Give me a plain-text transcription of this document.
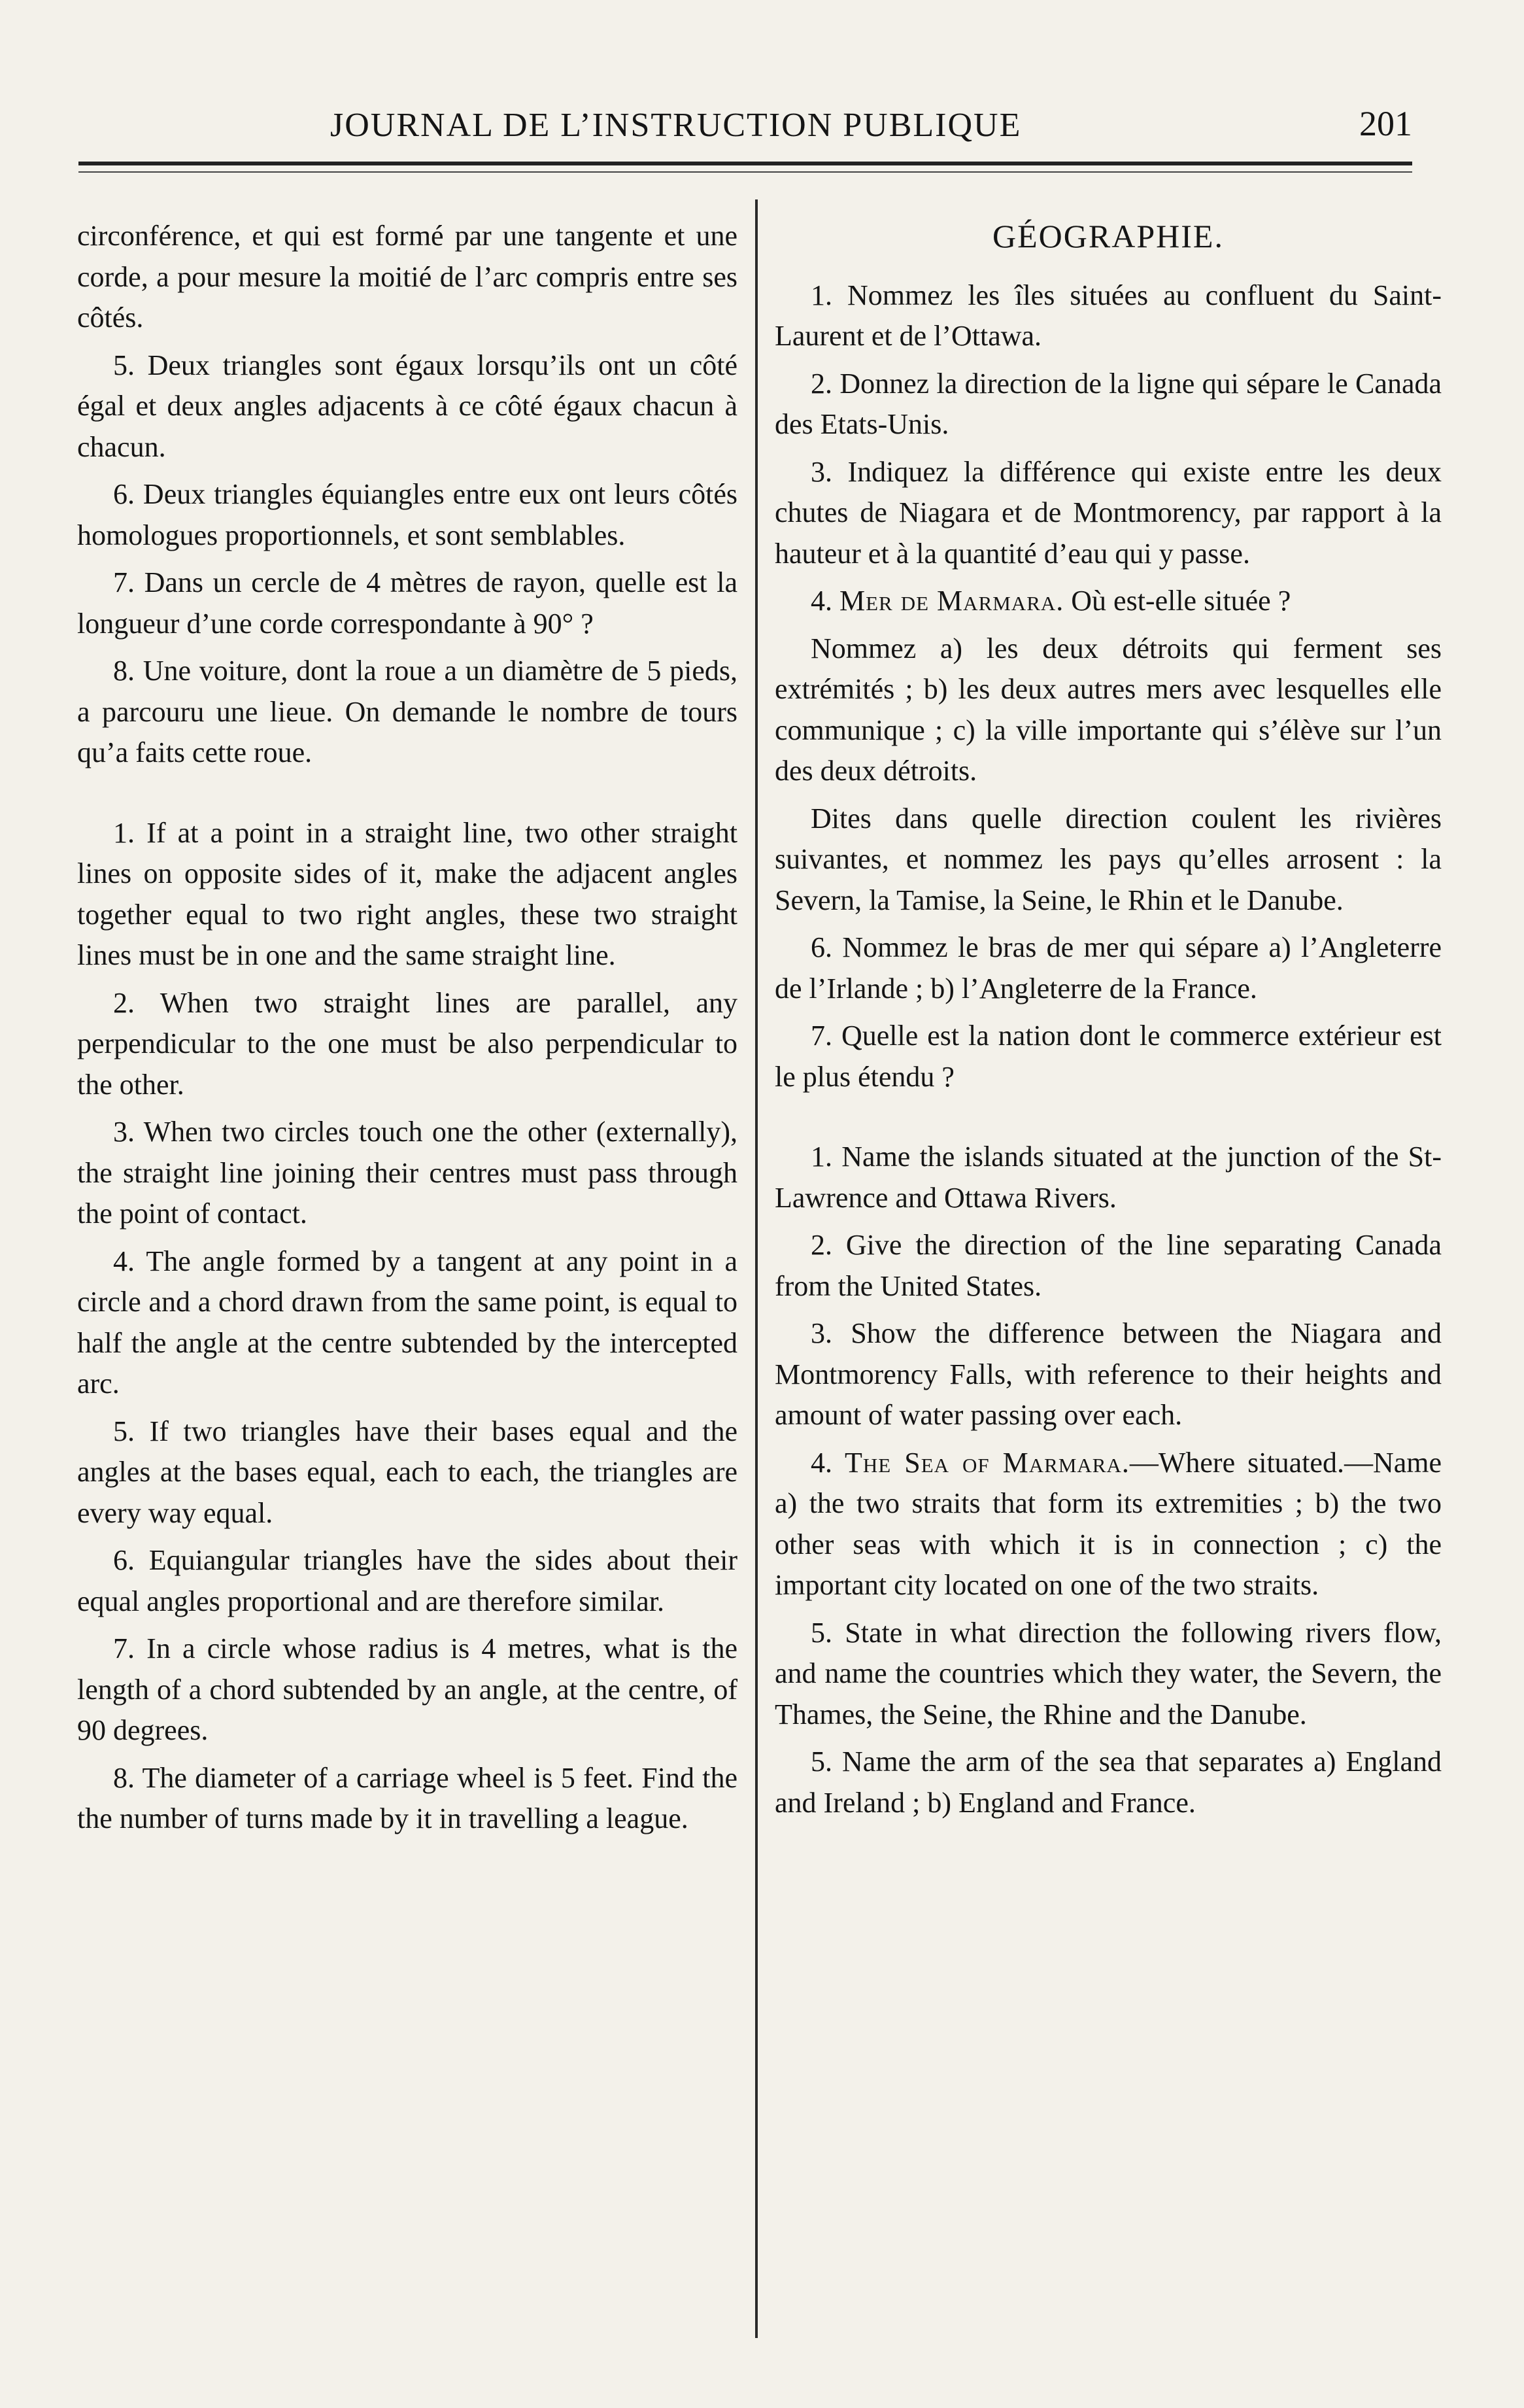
JOURNAL DE L’INSTRUCTION PUBLIQUE	201

circonférence, et qui est formé par une tangente et une corde, a pour mesure la moitié de l’arc compris entre ses côtés.

5. Deux triangles sont égaux lorsqu’ils ont un côté égal et deux angles adjacents à ce côté égaux chacun à chacun.

6. Deux triangles équiangles entre eux ont leurs côtés homologues proportionnels, et sont semblables.

7. Dans un cercle de 4 mètres de rayon, quelle est la longueur d’une corde correspondante à 90° ?

8. Une voiture, dont la roue a un diamètre de 5 pieds, a parcouru une lieue. On demande le nombre de tours qu’a faits cette roue.

1. If at a point in a straight line, two other straight lines on opposite sides of it, make the adjacent angles together equal to two right angles, these two straight lines must be in one and the same straight line.

2. When two straight lines are parallel, any perpendicular to the one must be also perpendicular to the other.

3. When two circles touch one the other (externally), the straight line joining their centres must pass through the point of contact.

4. The angle formed by a tangent at any point in a circle and a chord drawn from the same point, is equal to half the angle at the centre subtended by the intercepted arc.

5. If two triangles have their bases equal and the angles at the bases equal, each to each, the triangles are every way equal.

6. Equiangular triangles have the sides about their equal angles proportional and are therefore similar.

7. In a circle whose radius is 4 metres, what is the length of a chord subtended by an angle, at the centre, of 90 degrees.

8. The diameter of a carriage wheel is 5 feet. Find the the number of turns made by it in travelling a league.

GÉOGRAPHIE.

1. Nommez les îles situées au confluent du Saint-Laurent et de l’Ottawa.

2. Donnez la direction de la ligne qui sépare le Canada des Etats-Unis.

3. Indiquez la différence qui existe entre les deux chutes de Niagara et de Montmorency, par rapport à la hauteur et à la quantité d’eau qui y passe.

4. Mer de Marmara. Où est-elle située ?

Nommez a) les deux détroits qui ferment ses extrémités ; b) les deux autres mers avec lesquelles elle communique ; c) la ville importante qui s’élève sur l’un des deux détroits.

Dites dans quelle direction coulent les rivières suivantes, et nommez les pays qu’elles arrosent : la Severn, la Tamise, la Seine, le Rhin et le Danube.

6. Nommez le bras de mer qui sépare a) l’Angleterre de l’Irlande ; b) l’Angleterre de la France.

7. Quelle est la nation dont le commerce extérieur est le plus étendu ?

1. Name the islands situated at the junction of the St-Lawrence and Ottawa Rivers.

2. Give the direction of the line separating Canada from the United States.

3. Show the difference between the Niagara and Montmorency Falls, with reference to their heights and amount of water passing over each.

4. The Sea of Marmara.—Where situated.—Name a) the two straits that form its extremities ; b) the two other seas with which it is in connection ; c) the important city located on one of the two straits.

5. State in what direction the following rivers flow, and name the countries which they water, the Severn, the Thames, the Seine, the Rhine and the Danube.

5. Name the arm of the sea that separates a) England and Ireland ; b) England and France.
